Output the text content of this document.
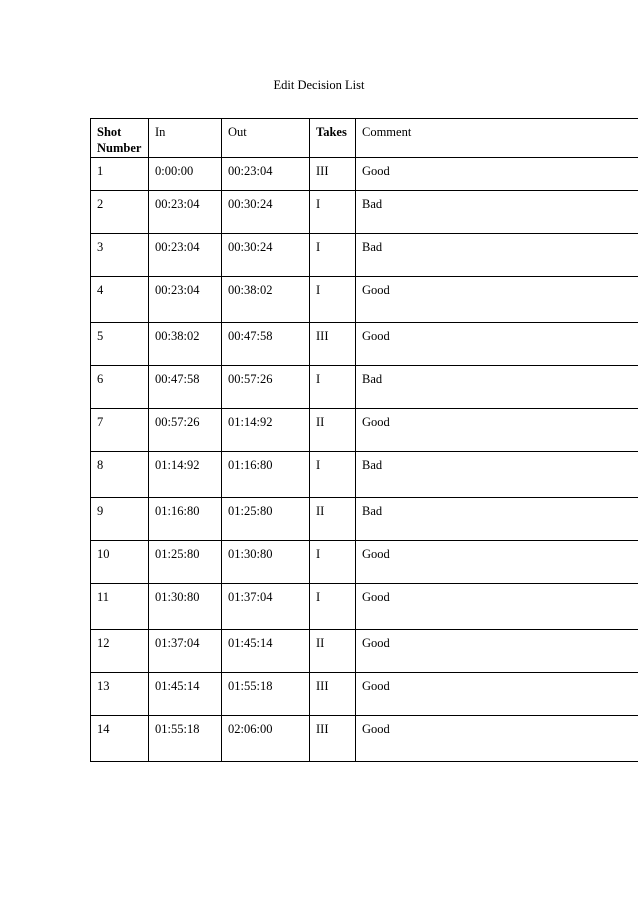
Edit Decision List
Shot Number	In	Out	Takes	Comment
1	0:00:00	00:23:04	III	Good
2	00:23:04	00:30:24	I	Bad
3	00:23:04	00:30:24	I	Bad
4	00:23:04	00:38:02	I	Good
5	00:38:02	00:47:58	III	Good
6	00:47:58	00:57:26	I	Bad
7	00:57:26	01:14:92	II	Good
8	01:14:92	01:16:80	I	Bad
9	01:16:80	01:25:80	II	Bad
10	01:25:80	01:30:80	I	Good
11	01:30:80	01:37:04	I	Good
12	01:37:04	01:45:14	II	Good
13	01:45:14	01:55:18	III	Good
14	01:55:18	02:06:00	III	Good
